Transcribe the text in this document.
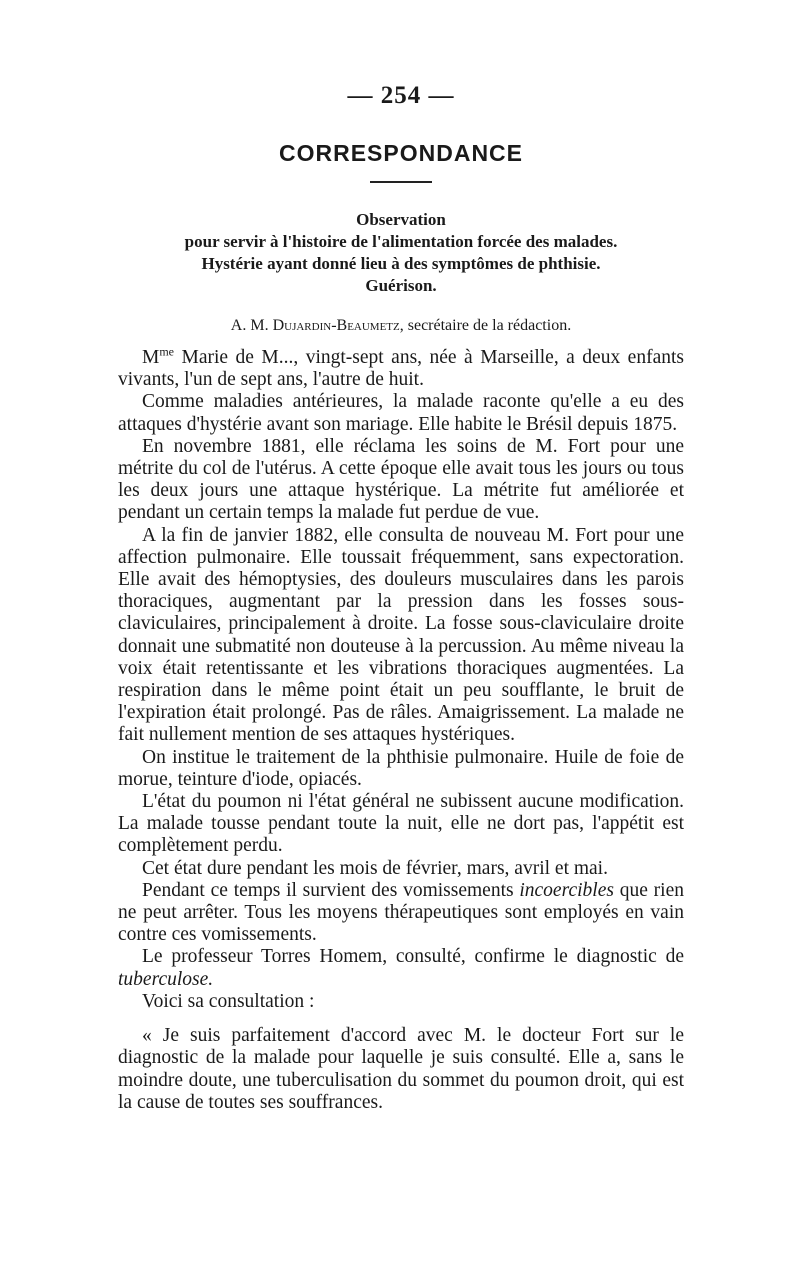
— 254 —
CORRESPONDANCE
Observation
pour servir à l'histoire de l'alimentation forcée des malades.
Hystérie ayant donné lieu à des symptômes de phthisie.
Guérison.
A. M. Dujardin-Beaumetz, secrétaire de la rédaction.

$M^{me}$ Marie de M..., vingt-sept ans, née à Marseille, a deux enfants vivants, l'un de sept ans, l'autre de huit.

Comme maladies antérieures, la malade raconte qu'elle a eu des attaques d'hystérie avant son mariage. Elle habite le Brésil depuis 1875.

En novembre 1881, elle réclama les soins de M. Fort pour une métrite du col de l'utérus. A cette époque elle avait tous les jours ou tous les deux jours une attaque hystérique. La métrite fut améliorée et pendant un certain temps la malade fut perdue de vue.

A la fin de janvier 1882, elle consulta de nouveau M. Fort pour une affection pulmonaire. Elle toussait fréquemment, sans expectoration. Elle avait des hémoptysies, des douleurs musculaires dans les parois thoraciques, augmentant par la pression dans les fosses sous-claviculaires, principalement à droite. La fosse sous-claviculaire droite donnait une submatité non douteuse à la percussion. Au même niveau la voix était retentissante et les vibrations thoraciques augmentées. La respiration dans le même point était un peu soufflante, le bruit de l'expiration était prolongé. Pas de râles. Amaigrissement. La malade ne fait nullement mention de ses attaques hystériques.

On institue le traitement de la phthisie pulmonaire. Huile de foie de morue, teinture d'iode, opiacés.

L'état du poumon ni l'état général ne subissent aucune modification. La malade tousse pendant toute la nuit, elle ne dort pas, l'appétit est complètement perdu.

Cet état dure pendant les mois de février, mars, avril et mai.

Pendant ce temps il survient des vomissements incoercibles que rien ne peut arrêter. Tous les moyens thérapeutiques sont employés en vain contre ces vomissements.

Le professeur Torres Homem, consulté, confirme le diagnostic de tuberculose.

Voici sa consultation :

« Je suis parfaitement d'accord avec M. le docteur Fort sur le diagnostic de la malade pour laquelle je suis consulté. Elle a, sans le moindre doute, une tuberculisation du sommet du poumon droit, qui est la cause de toutes ses souffrances.
